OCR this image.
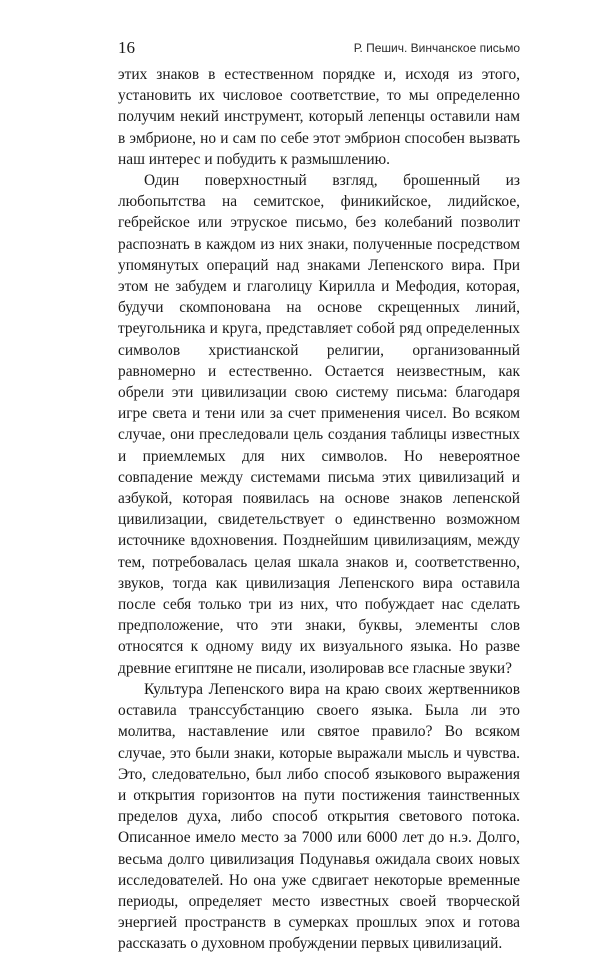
16	Р. Пешич. Винчанское письмо

этих знаков в естественном порядке и, исходя из этого, установить их числовое соответствие, то мы определенно получим некий инструмент, который лепенцы оставили нам в эмбрионе, но и сам по себе этот эмбрион способен вызвать наш интерес и побудить к размышлению.

Один поверхностный взгляд, брошенный из любопытства на семитское, финикийское, лидийское, гебрейское или этруское письмо, без колебаний позволит распознать в каждом из них знаки, полученные посредством упомянутых операций над знаками Лепенского вира. При этом не забудем и глаголицу Кирилла и Мефодия, которая, будучи скомпонована на основе скрещенных линий, треугольника и круга, представляет собой ряд определенных символов христианской религии, организованный равномерно и естественно. Остается неизвестным, как обрели эти цивилизации свою систему письма: благодаря игре света и тени или за счет применения чисел. Во всяком случае, они преследовали цель создания таблицы известных и приемлемых для них символов. Но невероятное совпадение между системами письма этих цивилизаций и азбукой, которая появилась на основе знаков лепенской цивилизации, свидетельствует о единственно возможном источнике вдохновения. Позднейшим цивилизациям, между тем, потребовалась целая шкала знаков и, соответственно, звуков, тогда как цивилизация Лепенского вира оставила после себя только три из них, что побуждает нас сделать предположение, что эти знаки, буквы, элементы слов относятся к одному виду их визуального языка. Но разве древние египтяне не писали, изолировав все гласные звуки?

Культура Лепенского вира на краю своих жертвенников оставила транссубстанцию своего языка. Была ли это молитва, наставление или святое правило? Во всяком случае, это были знаки, которые выражали мысль и чувства. Это, следовательно, был либо способ языкового выражения и открытия горизонтов на пути постижения таинственных пределов духа, либо способ открытия светового потока. Описанное имело место за 7000 или 6000 лет до н.э. Долго, весьма долго цивилизация Подунавья ожидала своих новых исследователей. Но она уже сдвигает некоторые временные периоды, определяет место известных своей творческой энергией пространств в сумерках прошлых эпох и готова рассказать о духовном пробуждении первых цивилизаций.
